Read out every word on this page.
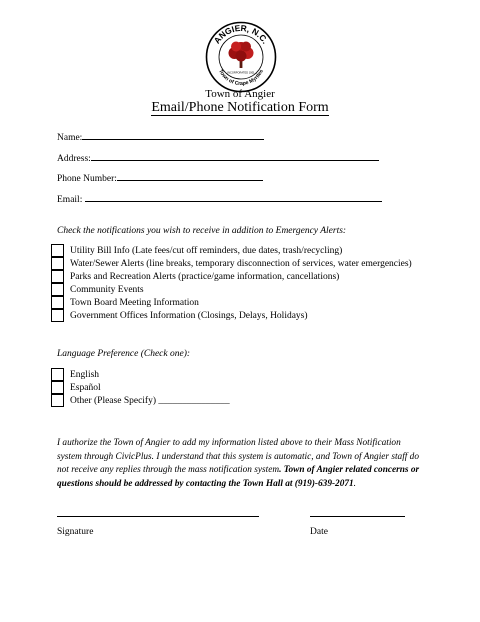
ANGIER, N.C.
Town of Crape Myrtles
INCORPORATED 1901
Town of Angier
Email/Phone Notification Form
Name:
Address:
Phone Number:
Email:
Check the notifications you wish to receive in addition to Emergency Alerts:
Utility Bill Info (Late fees/cut off reminders, due dates, trash/recycling)
Water/Sewer Alerts (line breaks, temporary disconnection of services, water emergencies)
Parks and Recreation Alerts (practice/game information, cancellations)
Community Events
Town Board Meeting Information
Government Offices Information (Closings, Delays, Holidays)
Language Preference (Check one):
English
Español
Other (Please Specify) _______________
I authorize the Town of Angier to add my information listed above to their Mass Notification system through CivicPlus. I understand that this system is automatic, and Town of Angier staff do not receive any replies through the mass notification system. Town of Angier related concerns or questions should be addressed by contacting the Town Hall at (919)-639-2071.
Signature	Date
